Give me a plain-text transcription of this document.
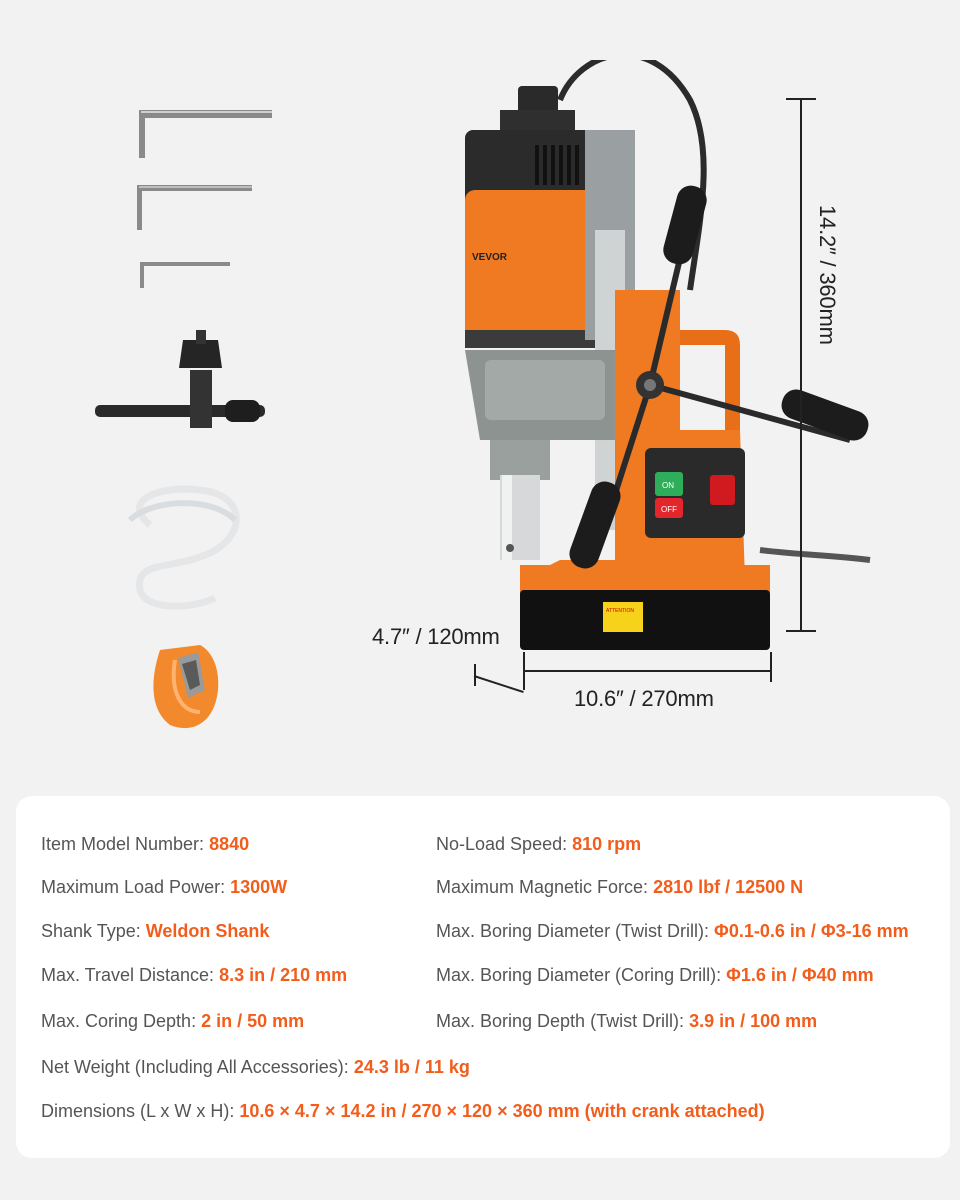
VEVOR
ON
OFF
ATTENTION
14.2″ / 360mm
4.7″ / 120mm
10.6″ / 270mm
Item Model Number: 8840	No-Load Speed: 810 rpm
Maximum Load Power: 1300W	Maximum Magnetic Force: 2810 lbf / 12500 N
Shank Type: Weldon Shank	Max. Boring Diameter (Twist Drill): Φ0.1-0.6 in / Φ3-16 mm
Max. Travel Distance: 8.3 in / 210 mm	Max. Boring Diameter (Coring Drill): Φ1.6 in / Φ40 mm
Max. Coring Depth: 2 in / 50 mm	Max. Boring Depth (Twist Drill): 3.9 in / 100 mm
Net Weight (Including All Accessories): 24.3 lb / 11 kg
Dimensions (L x W x H): 10.6 × 4.7 × 14.2 in / 270 × 120 × 360 mm (with crank attached)
